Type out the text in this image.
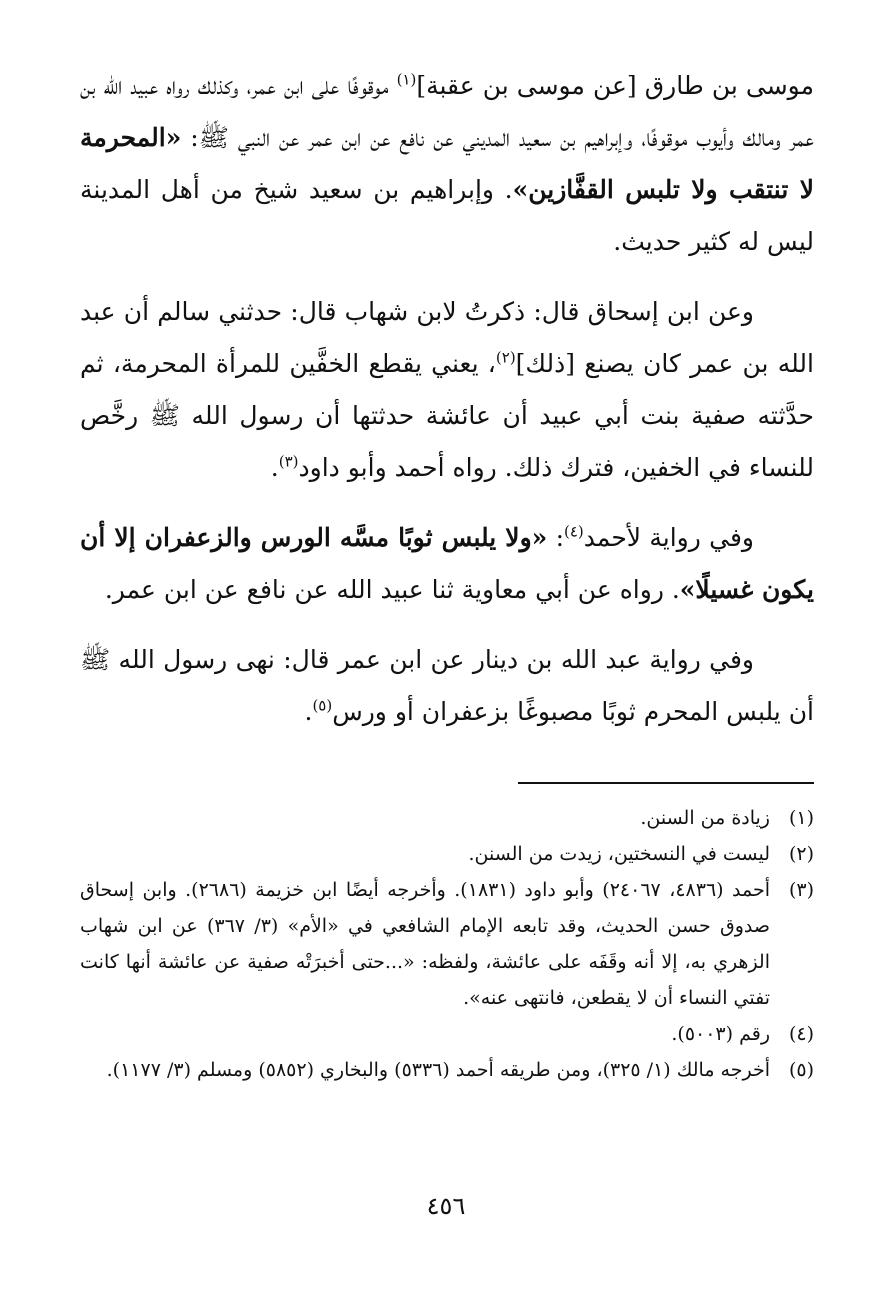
موسى بن طارق [عن موسى بن عقبة]$^{(١)}$ موقوفًا على ابن عمر، وكذلك رواه عبيد الله بن عمر ومالك وأيوب موقوفًا، وإبراهيم بن سعيد المديني عن نافع عن ابن عمر عن النبي ﷺ: «المحرمة لا تنتقب ولا تلبس القفَّازين». وإبراهيم بن سعيد شيخ من أهل المدينة ليس له كثير حديث.

وعن ابن إسحاق قال: ذكرتُ لابن شهاب قال: حدثني سالم أن عبد الله بن عمر كان يصنع [ذلك]$^{(٢)}$، يعني يقطع الخفَّين للمرأة المحرمة، ثم حدَّثته صفية بنت أبي عبيد أن عائشة حدثتها أن رسول الله ﷺ رخَّص للنساء في الخفين، فترك ذلك. رواه أحمد وأبو داود$^{(٣)}$.

وفي رواية لأحمد$^{(٤)}$: «ولا يلبس ثوبًا مسَّه الورس والزعفران إلا أن يكون غسيلًا». رواه عن أبي معاوية ثنا عبيد الله عن نافع عن ابن عمر.

وفي رواية عبد الله بن دينار عن ابن عمر قال: نهى رسول الله ﷺ أن يلبس المحرم ثوبًا مصبوغًا بزعفران أو ورس$^{(٥)}$.

(١)
زيادة من السنن.
(٢)
ليست في النسختين، زيدت من السنن.
(٣)
أحمد (٤٨٣٦، ٢٤٠٦٧) وأبو داود (١٨٣١). وأخرجه أيضًا ابن خزيمة (٢٦٨٦). وابن إسحاق صدوق حسن الحديث، وقد تابعه الإمام الشافعي في «الأم» (٣/ ٣٦٧) عن ابن شهاب الزهري به، إلا أنه وقَفَه على عائشة، ولفظه: «...حتى أخبرَتْه صفية عن عائشة أنها كانت تفتي النساء أن لا يقطعن، فانتهى عنه».
(٤)
رقم (٥٠٠٣).
(٥)
أخرجه مالك (١/ ٣٢٥)، ومن طريقه أحمد (٥٣٣٦) والبخاري (٥٨٥٢) ومسلم (٣/ ١١٧٧).
٤٥٦
